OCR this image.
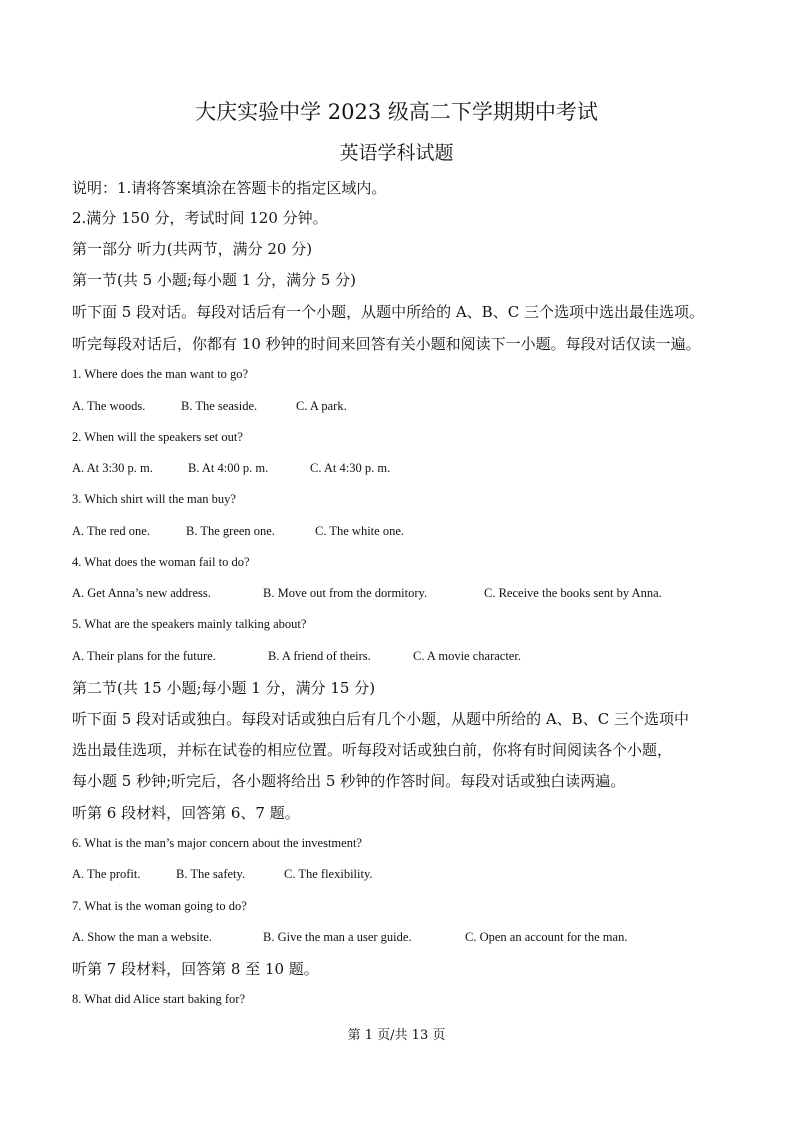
大庆实验中学 2023 级高二下学期期中考试
英语学科试题
说明：1.请将答案填涂在答题卡的指定区域内。
2.满分 150 分，考试时间 120 分钟。
第一部分 听力(共两节，满分 20 分)
第一节(共 5 小题;每小题 1 分，满分 5 分)
听下面 5 段对话。每段对话后有一个小题，从题中所给的 A、B、C 三个选项中选出最佳选项。
听完每段对话后，你都有 10 秒钟的时间来回答有关小题和阅读下一小题。每段对话仅读一遍。
1. Where does the man want to go?
A. The woods.	B. The seaside.	C. A park.
2. When will the speakers set out?
A. At 3:30 p. m.	B. At 4:00 p. m.	C. At 4:30 p. m.
3. Which shirt will the man buy?
A. The red one.	B. The green one.	C. The white one.
4. What does the woman fail to do?
A. Get Anna’s new address.	B. Move out from the dormitory.	C. Receive the books sent by Anna.
5. What are the speakers mainly talking about?
A. Their plans for the future.	B. A friend of theirs.	C. A movie character.
第二节(共 15 小题;每小题 1 分，满分 15 分)
听下面 5 段对话或独白。每段对话或独白后有几个小题，从题中所给的 A、B、C 三个选项中
选出最佳选项，并标在试卷的相应位置。听每段对话或独白前，你将有时间阅读各个小题，
每小题 5 秒钟;听完后，各小题将给出 5 秒钟的作答时间。每段对话或独白读两遍。
听第 6 段材料，回答第 6、7 题。
6. What is the man’s major concern about the investment?
A. The profit.	B. The safety.	C. The flexibility.
7. What is the woman going to do?
A. Show the man a website.	B. Give the man a user guide.	C. Open an account for the man.
听第 7 段材料，回答第 8 至 10 题。
8. What did Alice start baking for?
第 1 页/共 13 页
